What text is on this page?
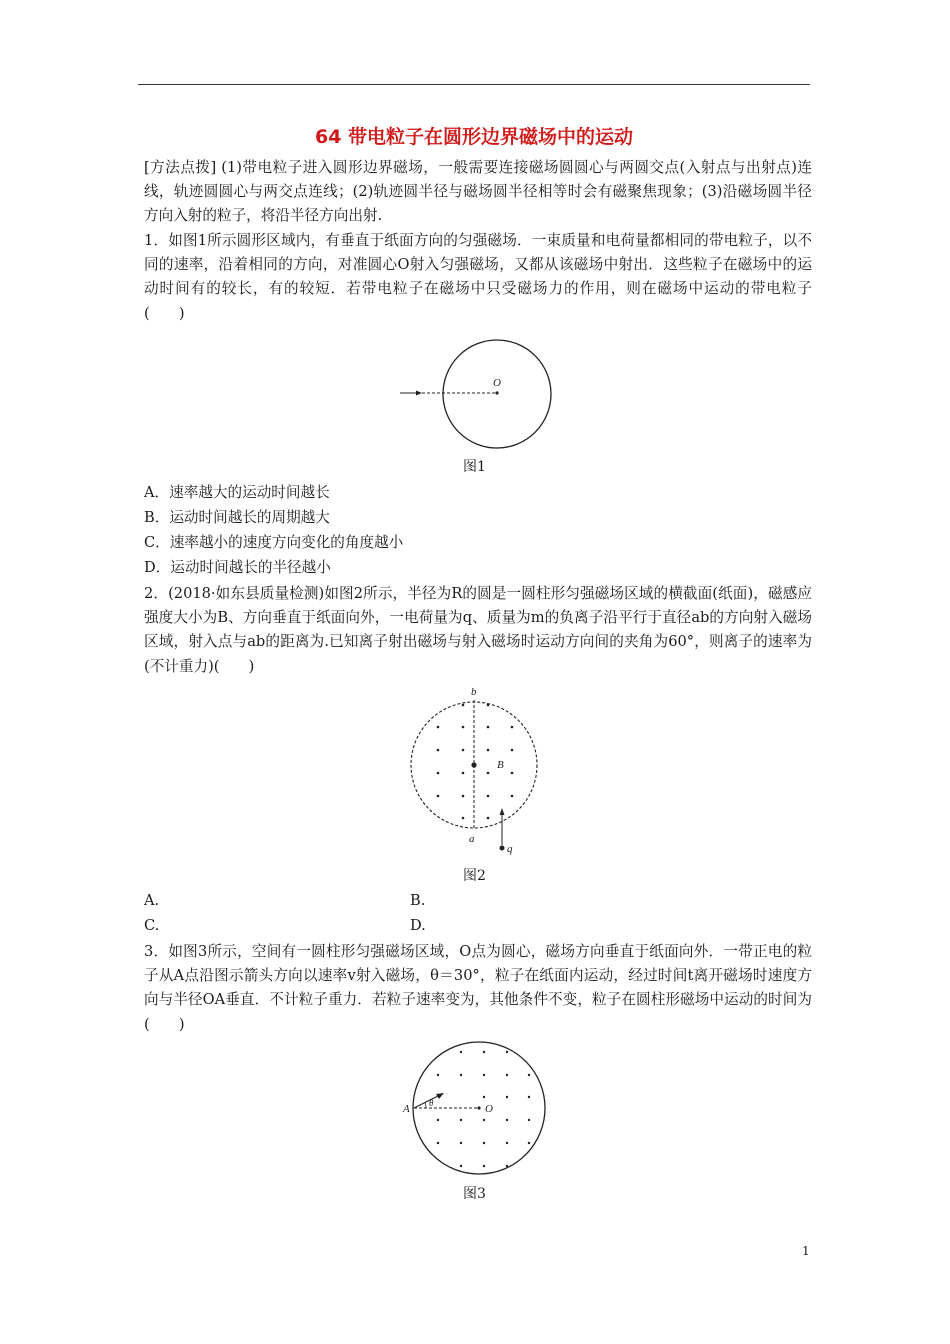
64 带电粒子在圆形边界磁场中的运动

[方法点拨] (1)带电粒子进入圆形边界磁场，一般需要连接磁场圆圆心与两圆交点(入射点与出射点)连线，轨迹圆圆心与两交点连线；(2)轨迹圆半径与磁场圆半径相等时会有磁聚焦现象；(3)沿磁场圆半径方向入射的粒子，将沿半径方向出射.

1．如图1所示圆形区域内，有垂直于纸面方向的匀强磁场．一束质量和电荷量都相同的带电粒子，以不同的速率，沿着相同的方向，对准圆心O射入匀强磁场，又都从该磁场中射出．这些粒子在磁场中的运动时间有的较长，有的较短．若带电粒子在磁场中只受磁场力的作用，则在磁场中运动的带电粒子(　　)

O
图1
A．速率越大的运动时间越长
B．运动时间越长的周期越大
C．速率越小的速度方向变化的角度越小
D．运动时间越长的半径越小

2．(2018·如东县质量检测)如图2所示，半径为R的圆是一圆柱形匀强磁场区域的横截面(纸面)，磁感应强度大小为B、方向垂直于纸面向外，一电荷量为q、质量为m的负离子沿平行于直径ab的方向射入磁场区域，射入点与ab的距离为.已知离子射出磁场与射入磁场时运动方向间的夹角为60°，则离子的速率为(不计重力)(　　)

b
a
B
q
图2
A.	B.
C.	D.

3．如图3所示，空间有一圆柱形匀强磁场区域，O点为圆心，磁场方向垂直于纸面向外．一带正电的粒子从A点沿图示箭头方向以速率v射入磁场，θ＝30°，粒子在纸面内运动，经过时间t离开磁场时速度方向与半径OA垂直．不计粒子重力．若粒子速率变为，其他条件不变，粒子在圆柱形磁场中运动的时间为(　　)

A	O
θ
图3
1
